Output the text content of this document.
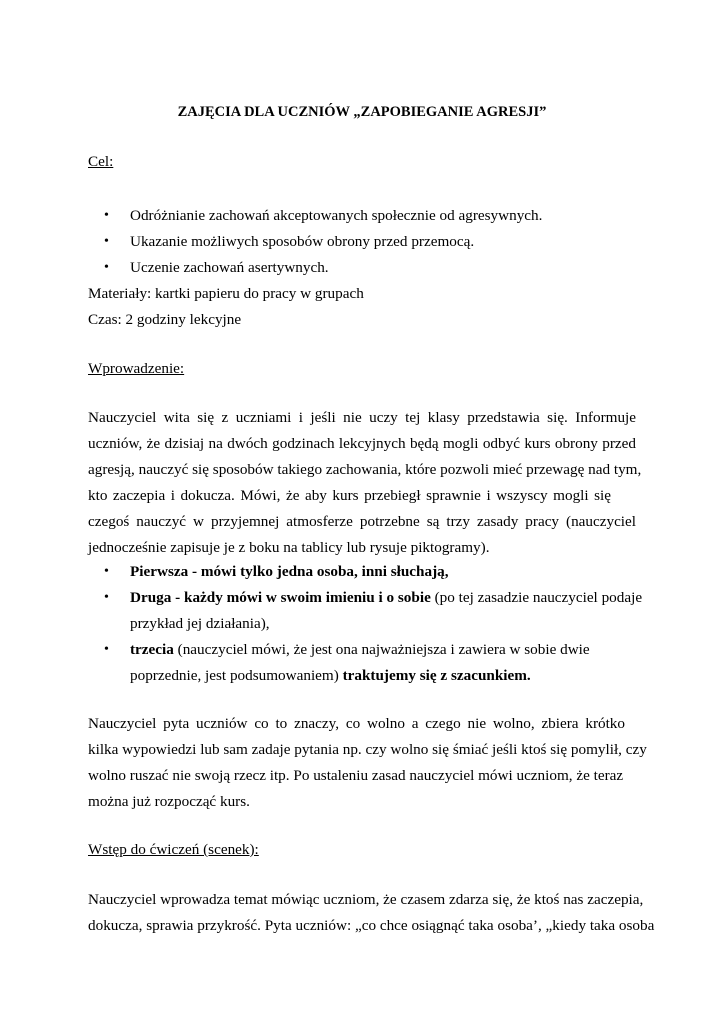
ZAJĘCIA DLA UCZNIÓW „ZAPOBIEGANIE AGRESJI”
Cel:
• Odróżnianie zachowań akceptowanych społecznie od agresywnych.
• Ukazanie możliwych sposobów obrony przed przemocą.
• Uczenie zachowań asertywnych.
Materiały: kartki papieru do pracy w grupach
Czas: 2 godziny lekcyjne
Wprowadzenie:
Nauczyciel wita się z uczniami i jeśli nie uczy tej klasy przedstawia się. Informuje
uczniów, że dzisiaj na dwóch godzinach lekcyjnych będą mogli odbyć kurs obrony przed
agresją, nauczyć się sposobów takiego zachowania, które pozwoli mieć przewagę nad tym,
kto zaczepia i dokucza. Mówi, że aby kurs przebiegł sprawnie i wszyscy mogli się
czegoś nauczyć w przyjemnej atmosferze potrzebne są trzy zasady pracy (nauczyciel
jednocześnie zapisuje je z boku na tablicy lub rysuje piktogramy).
• Pierwsza - mówi tylko jedna osoba, inni słuchają,
• Druga - każdy mówi w swoim imieniu i o sobie (po tej zasadzie nauczyciel podaje
przykład jej działania),
• trzecia (nauczyciel mówi, że jest ona najważniejsza i zawiera w sobie dwie
poprzednie, jest podsumowaniem) traktujemy się z szacunkiem.
Nauczyciel pyta uczniów co to znaczy, co wolno a czego nie wolno, zbiera krótko
kilka wypowiedzi lub sam zadaje pytania np. czy wolno się śmiać jeśli ktoś się pomylił, czy
wolno ruszać nie swoją rzecz itp. Po ustaleniu zasad nauczyciel mówi uczniom, że teraz
można już rozpocząć kurs.
Wstęp do ćwiczeń (scenek):
Nauczyciel wprowadza temat mówiąc uczniom, że czasem zdarza się, że ktoś nas zaczepia,
dokucza, sprawia przykrość. Pyta uczniów: „co chce osiągnąć taka osoba’, „kiedy taka osoba
